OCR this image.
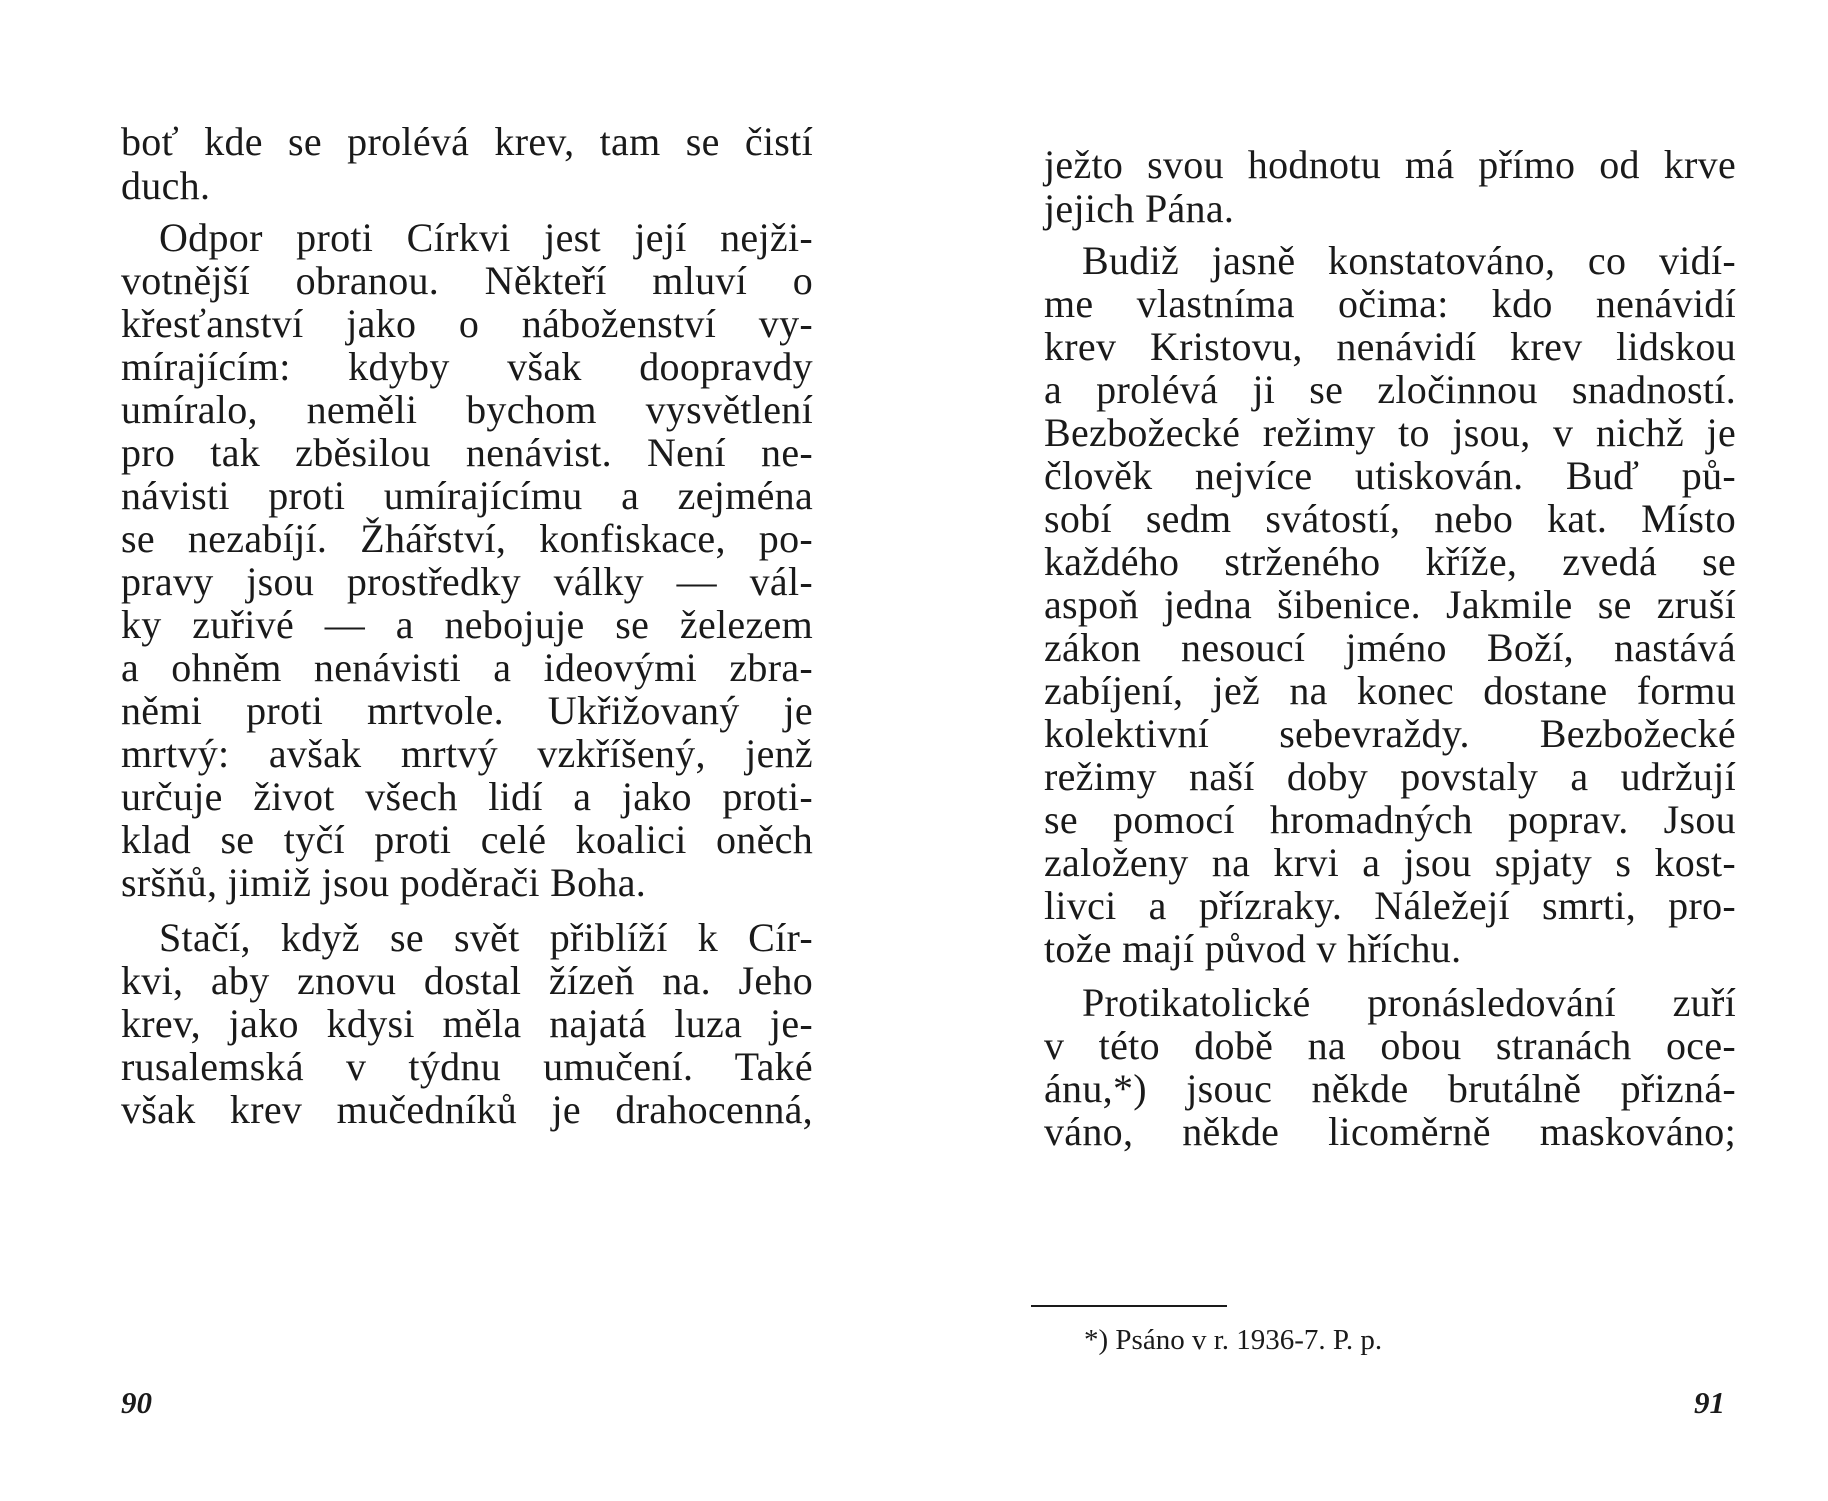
boť kde se prolévá krev, tam se čistí
duch.
Odpor proti Církvi jest její nejži-
votnější obranou. Někteří mluví o
křesťanství jako o náboženství vy-
mírajícím: kdyby však doopravdy
umíralo, neměli bychom vysvětlení
pro tak zběsilou nenávist. Není ne-
návisti proti umírajícímu a zejména
se nezabíjí. Žhářství, konfiskace, po-
pravy jsou prostředky války — vál-
ky zuřivé — a nebojuje se železem
a ohněm nenávisti a ideovými zbra-
němi proti mrtvole. Ukřižovaný je
mrtvý: avšak mrtvý vzkříšený, jenž
určuje život všech lidí a jako proti-
klad se tyčí proti celé koalici oněch
sršňů, jimiž jsou poděrači Boha.
Stačí, když se svět přiblíží k Cír-
kvi, aby znovu dostal žízeň na. Jeho
krev, jako kdysi měla najatá luza je-
rusalemská v týdnu umučení. Také
však krev mučedníků je drahocenná,
90
ježto svou hodnotu má přímo od krve
jejich Pána.
Budiž jasně konstatováno, co vidí-
me vlastníma očima: kdo nenávidí
krev Kristovu, nenávidí krev lidskou
a prolévá ji se zločinnou snadností.
Bezbožecké režimy to jsou, v nichž je
člověk nejvíce utiskován. Buď pů-
sobí sedm svátostí, nebo kat. Místo
každého strženého kříže, zvedá se
aspoň jedna šibenice. Jakmile se zruší
zákon nesoucí jméno Boží, nastává
zabíjení, jež na konec dostane formu
kolektivní sebevraždy. Bezbožecké
režimy naší doby povstaly a udržují
se pomocí hromadných poprav. Jsou
založeny na krvi a jsou spjaty s kost-
livci a přízraky. Náležejí smrti, pro-
tože mají původ v hříchu.
Protikatolické pronásledování zuří
v této době na obou stranách oce-
ánu,*) jsouc někde brutálně přizná-
váno, někde licoměrně maskováno;
*) Psáno v r. 1936-7. P. p.
91
